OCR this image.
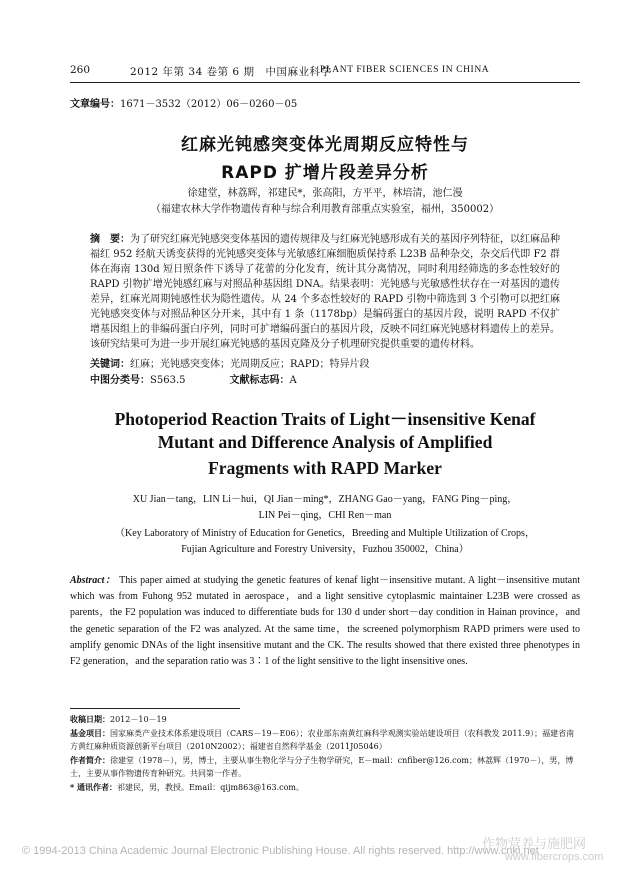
260	2012 年第 34 卷第 6 期　中国麻业科学
PLANT FIBER SCIENCES IN CHINA
文章编号：1671－3532（2012）06－0260－05
红麻光钝感突变体光周期反应特性与
RAPD 扩增片段差异分析
徐建堂，林荔辉，祁建民*，张高阳，方平平，林培清，池仁漫
（福建农林大学作物遗传育种与综合利用教育部重点实验室，福州，350002）
摘　要：为了研究红麻光钝感突变体基因的遗传规律及与红麻光钝感形成有关的基因序列特征，以红麻品种福红 952 经航天诱变获得的光钝感突变体与光敏感红麻细胞质保持系 L23B 品种杂交，杂交后代即 F2 群体在海南 130d 短日照条件下诱导了花蕾的分化发育，统计其分离情况，同时利用经筛选的多态性较好的 RAPD 引物扩增光钝感红麻与对照品种基因组 DNA。结果表明：光钝感与光敏感性状存在一对基因的遗传差异，红麻光周期钝感性状为隐性遗传。从 24 个多态性较好的 RAPD 引物中筛选到 3 个引物可以把红麻光钝感突变体与对照品种区分开来，其中有 1 条（1178bp）是编码蛋白的基因片段，说明 RAPD 不仅扩增基因组上的非编码蛋白序列，同时可扩增编码蛋白的基因片段，反映不同红麻光钝感材料遗传上的差异。该研究结果可为进一步开展红麻光钝感的基因克隆及分子机理研究提供重要的遗传材料。
关键词：红麻；光钝感突变体；光周期反应；RAPD；特异片段
中图分类号：S563.5	文献标志码：A
Photoperiod Reaction Traits of Light－insensitive Kenaf
Mutant and Difference Analysis of Amplified
Fragments with RAPD Marker
XU Jian－tang，LIN Li－hui，QI Jian－ming*，ZHANG Gao－yang，FANG Ping－ping，
LIN Pei－qing，CHI Ren－man
（Key Laboratory of Ministry of Education for Genetics，Breeding and Multiple Utilization of Crops，
Fujian Agriculture and Forestry University，Fuzhou 350002，China）
Abstract： This paper aimed at studying the genetic features of kenaf light－insensitive mutant. A light－insensitive mutant which was from Fuhong 952 mutated in aerospace，and a light sensitive cytoplasmic maintainer L23B were crossed as parents，the F2 population was induced to differentiate buds for 130 d under short－day condition in Hainan province，and the genetic separation of the F2 was analyzed. At the same time，the screened polymorphism RAPD primers were used to amplify genomic DNAs of the light insensitive mutant and the CK. The results showed that there existed three phenotypes in F2 generation，and the separation ratio was 3∶1 of the light sensitive to the light insensitive ones.

收稿日期：2012－10－19

基金项目：国家麻类产业技术体系建设项目（CARS－19－E06）；农业部东南黄红麻科学观测实验站建设项目（农科教发 2011.9）；福建省南方黄红麻种质资源创新平台项目（2010N2002）；福建省自然科学基金（2011J05046）

作者简介：徐建堂（1978－），男，博士，主要从事生物化学与分子生物学研究，E－mail：cnfiber@126.com；林荔辉（1970－），男，博士，主要从事作物遗传育种研究。共同第一作者。

* 通讯作者：祁建民，男，教授。Email：qijm863@163.com。

© 1994-2013 China Academic Journal Electronic Publishing House. All rights reserved. http://www.cnki.net
作物营养与施肥网
www.fibercrops.com
